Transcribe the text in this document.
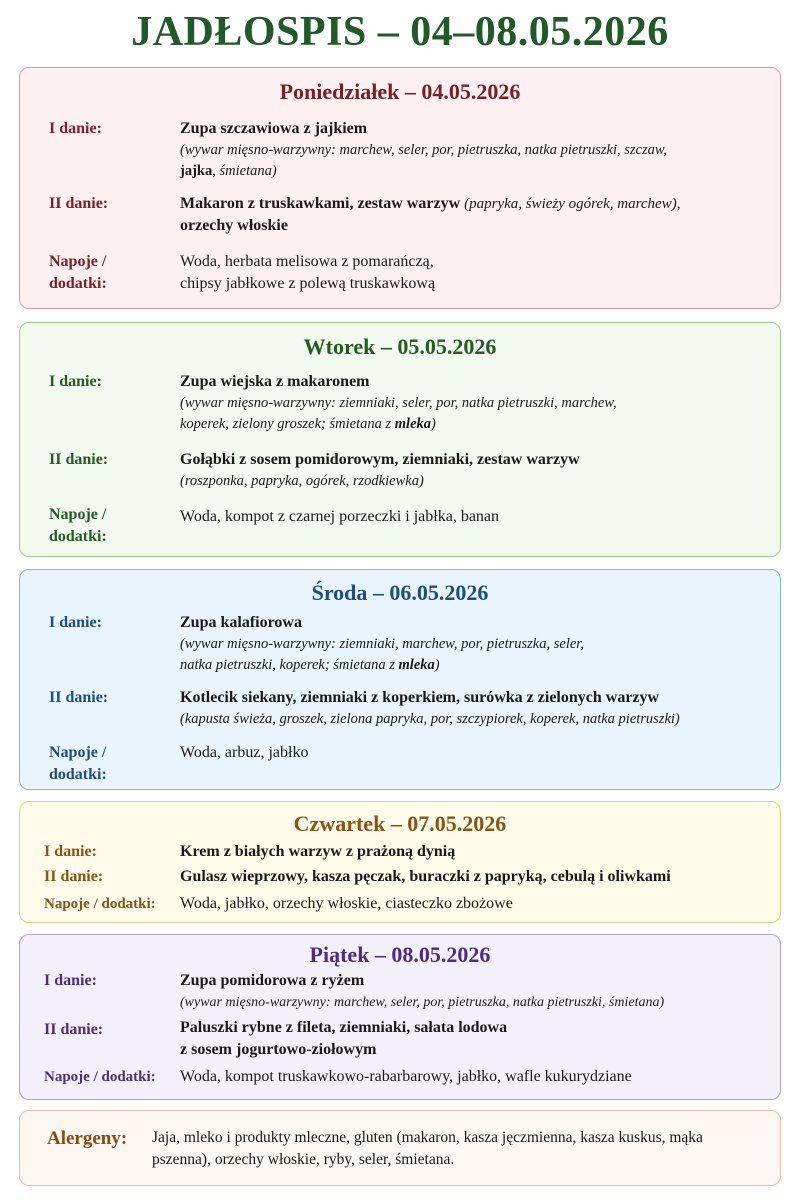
JADŁOSPIS – 04–08.05.2026
Poniedziałek – 04.05.2026
I danie:	Zupa szczawiowa z jajkiem
(wywar mięsno-warzywny: marchew, seler, por, pietruszka, natka pietruszki, szczaw,
jajka, śmietana)
II danie:	Makaron z truskawkami, zestaw warzyw (papryka, świeży ogórek, marchew),
orzechy włoskie
Napoje /
dodatki:
Woda, herbata melisowa z pomarańczą,
chipsy jabłkowe z polewą truskawkową
Wtorek – 05.05.2026
I danie:	Zupa wiejska z makaronem
(wywar mięsno-warzywny: ziemniaki, seler, por, natka pietruszki, marchew,
koperek, zielony groszek; śmietana z mleka)
II danie:	Gołąbki z sosem pomidorowym, ziemniaki, zestaw warzyw
(roszponka, papryka, ogórek, rzodkiewka)
Napoje /
dodatki:
Woda, kompot z czarnej porzeczki i jabłka, banan
Środa – 06.05.2026
I danie:	Zupa kalafiorowa
(wywar mięsno-warzywny: ziemniaki, marchew, por, pietruszka, seler,
natka pietruszki, koperek; śmietana z mleka)
II danie:	Kotlecik siekany, ziemniaki z koperkiem, surówka z zielonych warzyw
(kapusta świeża, groszek, zielona papryka, por, szczypiorek, koperek, natka pietruszki)
Napoje /
dodatki:
Woda, arbuz, jabłko
Czwartek – 07.05.2026
I danie:	Krem z białych warzyw z prażoną dynią
II danie:	Gulasz wieprzowy, kasza pęczak, buraczki z papryką, cebulą i oliwkami
Napoje / dodatki: Woda, jabłko, orzechy włoskie, ciasteczko zbożowe
Piątek – 08.05.2026
I danie:	Zupa pomidorowa z ryżem
(wywar mięsno-warzywny: marchew, seler, por, pietruszka, natka pietruszki, śmietana)
II danie:	Paluszki rybne z fileta, ziemniaki, sałata lodowa
z sosem jogurtowo-ziołowym
Napoje / dodatki: Woda, kompot truskawkowo-rabarbarowy, jabłko, wafle kukurydziane
Alergeny: Jaja, mleko i produkty mleczne, gluten (makaron, kasza jęczmienna, kasza kuskus, mąka pszenna), orzechy włoskie, ryby, seler, śmietana.
